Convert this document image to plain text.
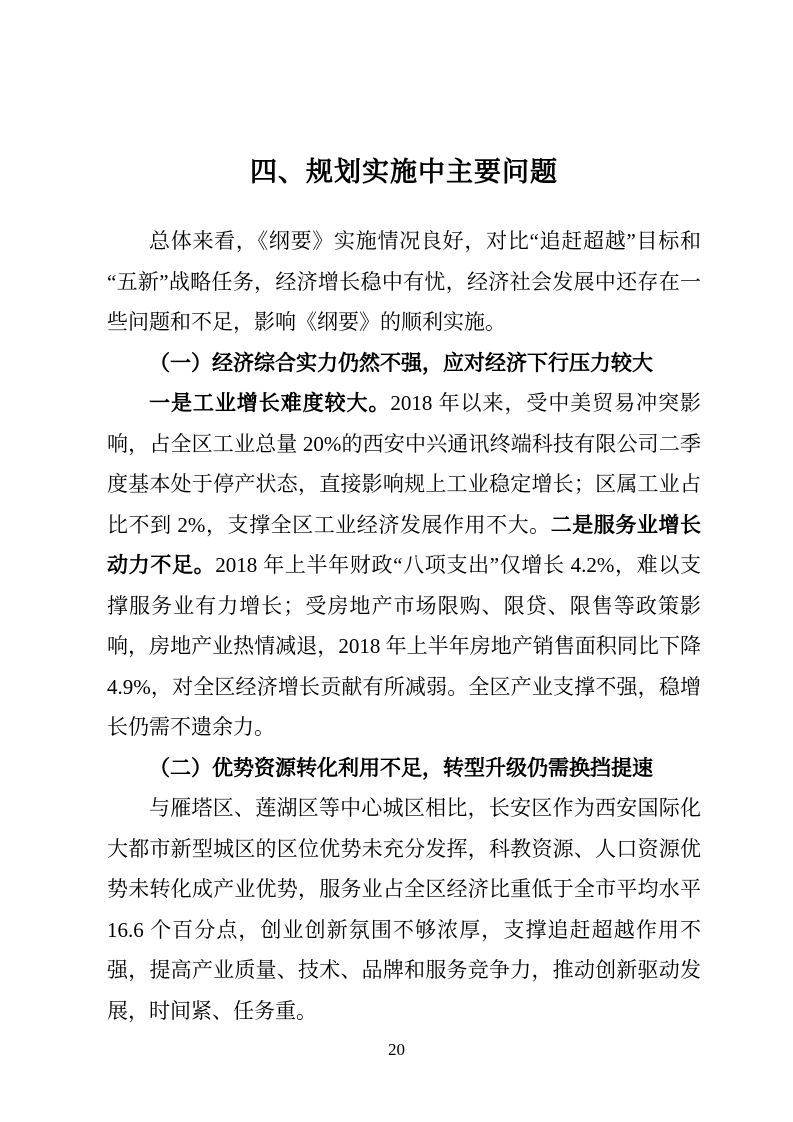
四、规划实施中主要问题

总体来看，《纲要》实施情况良好，对比“追赶超越”目标和“五新”战略任务，经济增长稳中有忧，经济社会发展中还存在一些问题和不足，影响《纲要》的顺利实施。

（一）经济综合实力仍然不强，应对经济下行压力较大

一是工业增长难度较大。2018 年以来，受中美贸易冲突影响，占全区工业总量 20%的西安中兴通讯终端科技有限公司二季度基本处于停产状态，直接影响规上工业稳定增长；区属工业占比不到 2%，支撑全区工业经济发展作用不大。二是服务业增长动力不足。2018 年上半年财政“八项支出”仅增长 4.2%，难以支撑服务业有力增长；受房地产市场限购、限贷、限售等政策影响，房地产业热情减退，2018 年上半年房地产销售面积同比下降 4.9%，对全区经济增长贡献有所减弱。全区产业支撑不强，稳增长仍需不遗余力。

（二）优势资源转化利用不足，转型升级仍需换挡提速

与雁塔区、莲湖区等中心城区相比，长安区作为西安国际化大都市新型城区的区位优势未充分发挥，科教资源、人口资源优势未转化成产业优势，服务业占全区经济比重低于全市平均水平 16.6 个百分点，创业创新氛围不够浓厚，支撑追赶超越作用不强，提高产业质量、技术、品牌和服务竞争力，推动创新驱动发展，时间紧、任务重。

20
